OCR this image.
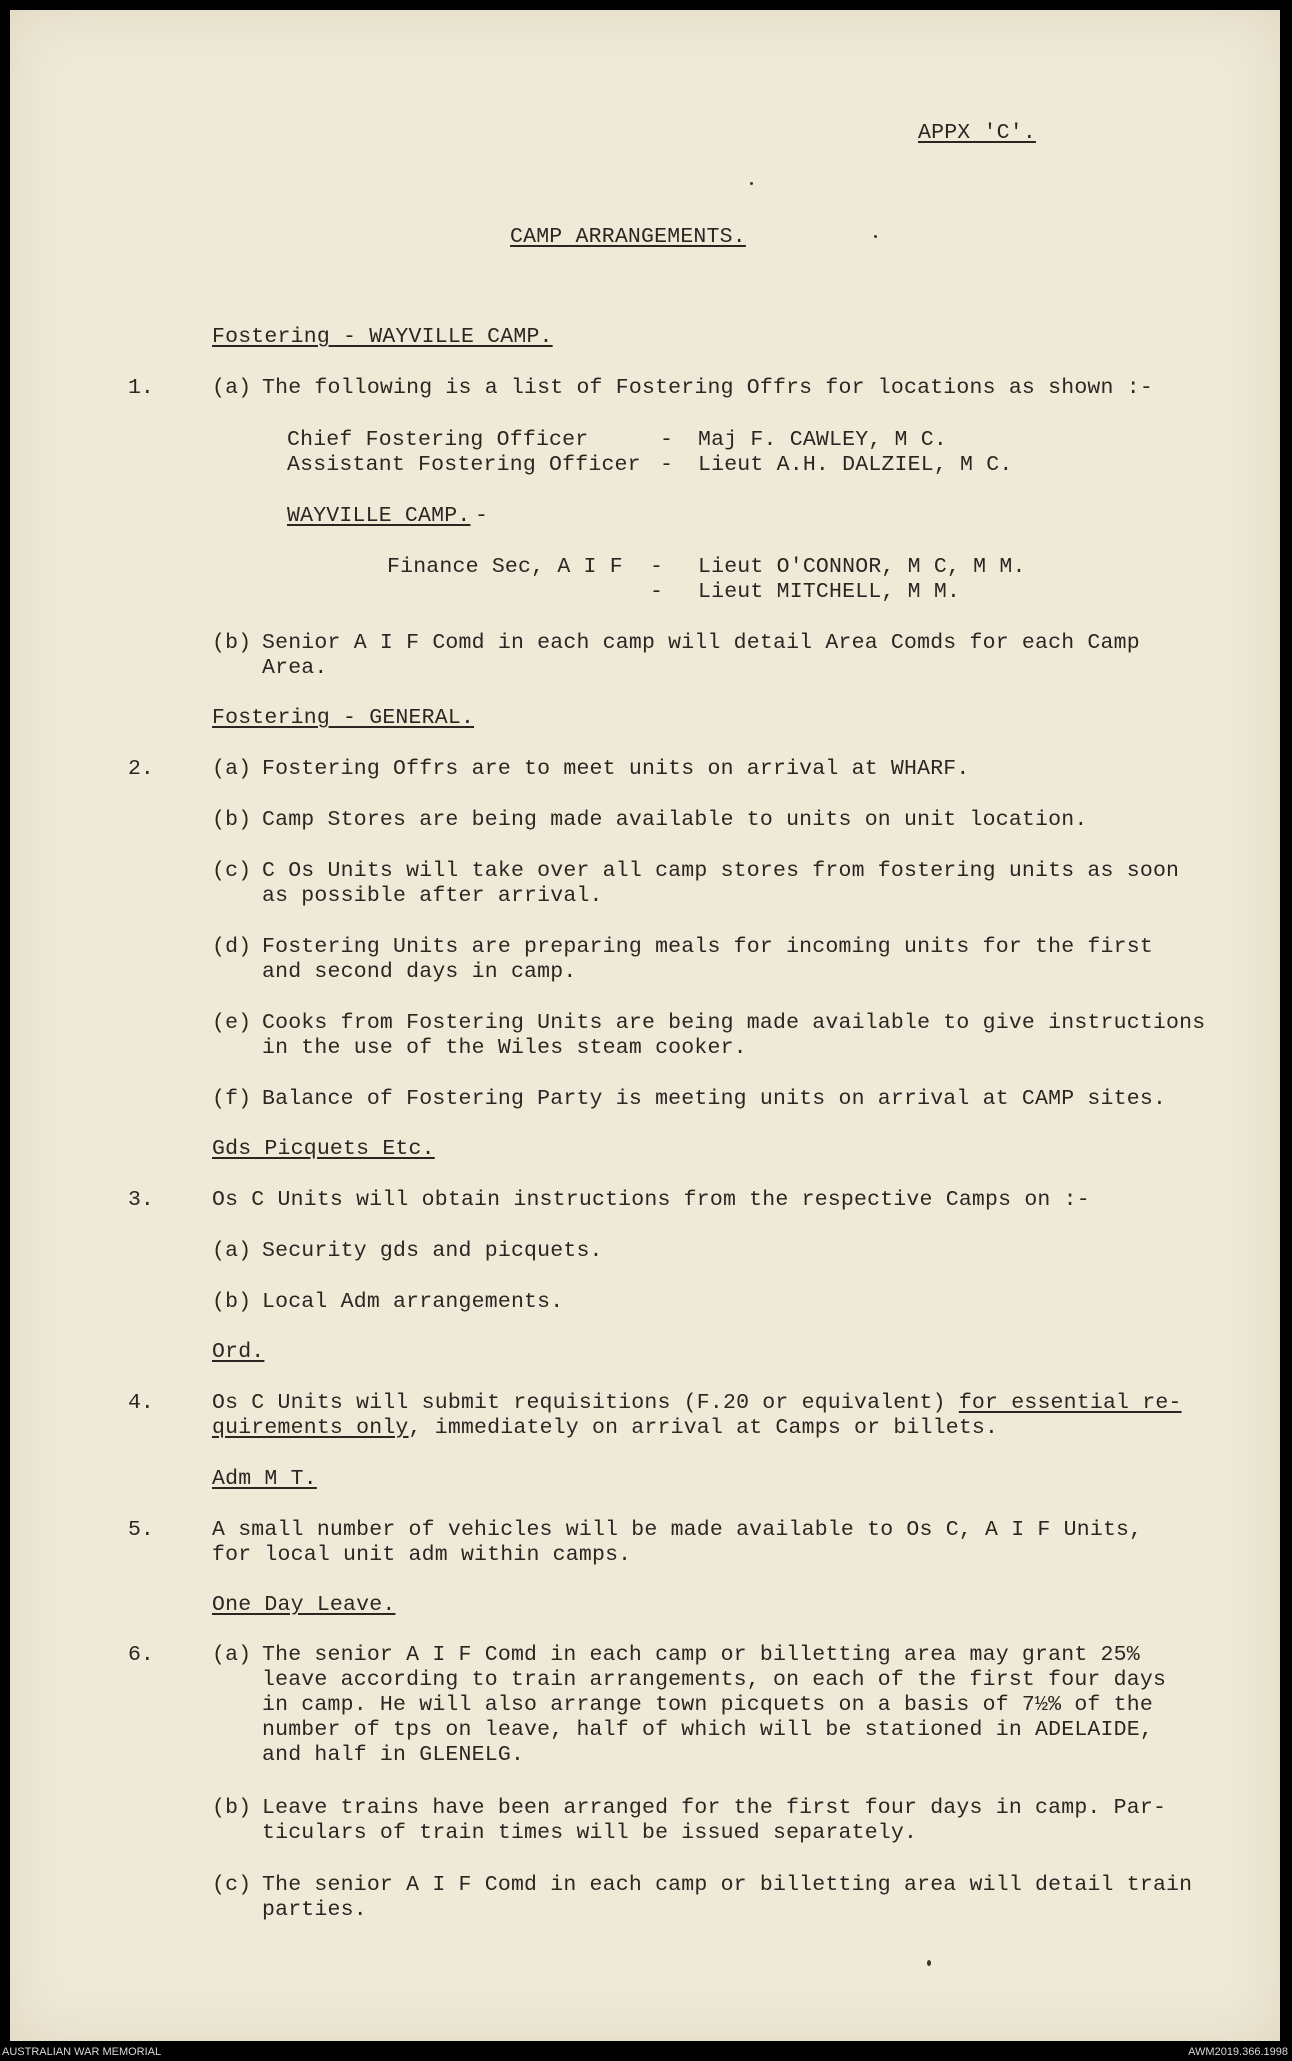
APPX 'C'.
CAMP ARRANGEMENTS.
Fostering - WAYVILLE CAMP.
1.	(a) The following is a list of Fostering Offrs for locations as shown :-
Chief Fostering Officer	- Maj F. CAWLEY, M C.
Assistant Fostering Officer - Lieut A.H. DALZIEL, M C.
WAYVILLE CAMP. -
Finance Sec, A I F - Lieut O'CONNOR, M C, M M.
- Lieut MITCHELL, M M.
(b) Senior A I F Comd in each camp will detail Area Comds for each Camp
Area.
Fostering - GENERAL.
2.	(a) Fostering Offrs are to meet units on arrival at WHARF.
(b) Camp Stores are being made available to units on unit location.
(c) C Os Units will take over all camp stores from fostering units as soon
as possible after arrival.
(d) Fostering Units are preparing meals for incoming units for the first
and second days in camp.
(e) Cooks from Fostering Units are being made available to give instructions
in the use of the Wiles steam cooker.
(f) Balance of Fostering Party is meeting units on arrival at CAMP sites.
Gds Picquets Etc.
3.	Os C Units will obtain instructions from the respective Camps on :-
(a) Security gds and picquets.
(b) Local Adm arrangements.
Ord.
4.	Os C Units will submit requisitions (F.20 or equivalent) for essential re-
quirements only, immediately on arrival at Camps or billets.
Adm M T.
5.	A small number of vehicles will be made available to Os C, A I F Units,
for local unit adm within camps.
One Day Leave.
6.	(a) The senior A I F Comd in each camp or billetting area may grant 25%
leave according to train arrangements, on each of the first four days
in camp. He will also arrange town picquets on a basis of 7½% of the
number of tps on leave, half of which will be stationed in ADELAIDE,
and half in GLENELG.
(b) Leave trains have been arranged for the first four days in camp. Par-
ticulars of train times will be issued separately.
(c) The senior A I F Comd in each camp or billetting area will detail train
parties.
AUSTRALIAN WAR MEMORIAL	AWM2019.366.1998
